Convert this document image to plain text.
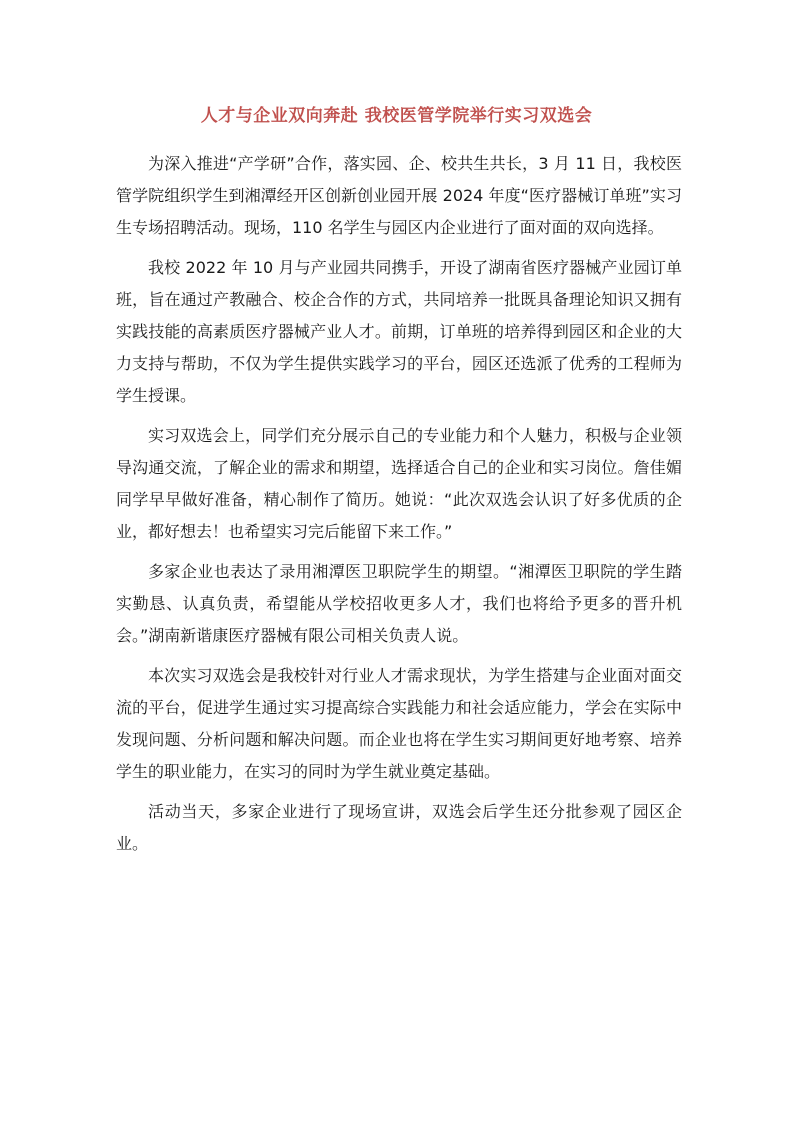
人才与企业双向奔赴 我校医管学院举行实习双选会

为深入推进“产学研”合作，落实园、企、校共生共长，3 月 11 日，我校医管学院组织学生到湘潭经开区创新创业园开展 2024 年度“医疗器械订单班”实习生专场招聘活动。现场，110 名学生与园区内企业进行了面对面的双向选择。

我校 2022 年 10 月与产业园共同携手，开设了湖南省医疗器械产业园订单班，旨在通过产教融合、校企合作的方式，共同培养一批既具备理论知识又拥有实践技能的高素质医疗器械产业人才。前期，订单班的培养得到园区和企业的大力支持与帮助，不仅为学生提供实践学习的平台，园区还选派了优秀的工程师为学生授课。

实习双选会上，同学们充分展示自己的专业能力和个人魅力，积极与企业领导沟通交流，了解企业的需求和期望，选择适合自己的企业和实习岗位。詹佳媚同学早早做好准备，精心制作了简历。她说：“此次双选会认识了好多优质的企业，都好想去！也希望实习完后能留下来工作。”

多家企业也表达了录用湘潭医卫职院学生的期望。“湘潭医卫职院的学生踏实勤恳、认真负责，希望能从学校招收更多人才，我们也将给予更多的晋升机会。”湖南新谐康医疗器械有限公司相关负责人说。

本次实习双选会是我校针对行业人才需求现状，为学生搭建与企业面对面交流的平台，促进学生通过实习提高综合实践能力和社会适应能力，学会在实际中发现问题、分析问题和解决问题。而企业也将在学生实习期间更好地考察、培养学生的职业能力，在实习的同时为学生就业奠定基础。

活动当天，多家企业进行了现场宣讲，双选会后学生还分批参观了园区企业。
